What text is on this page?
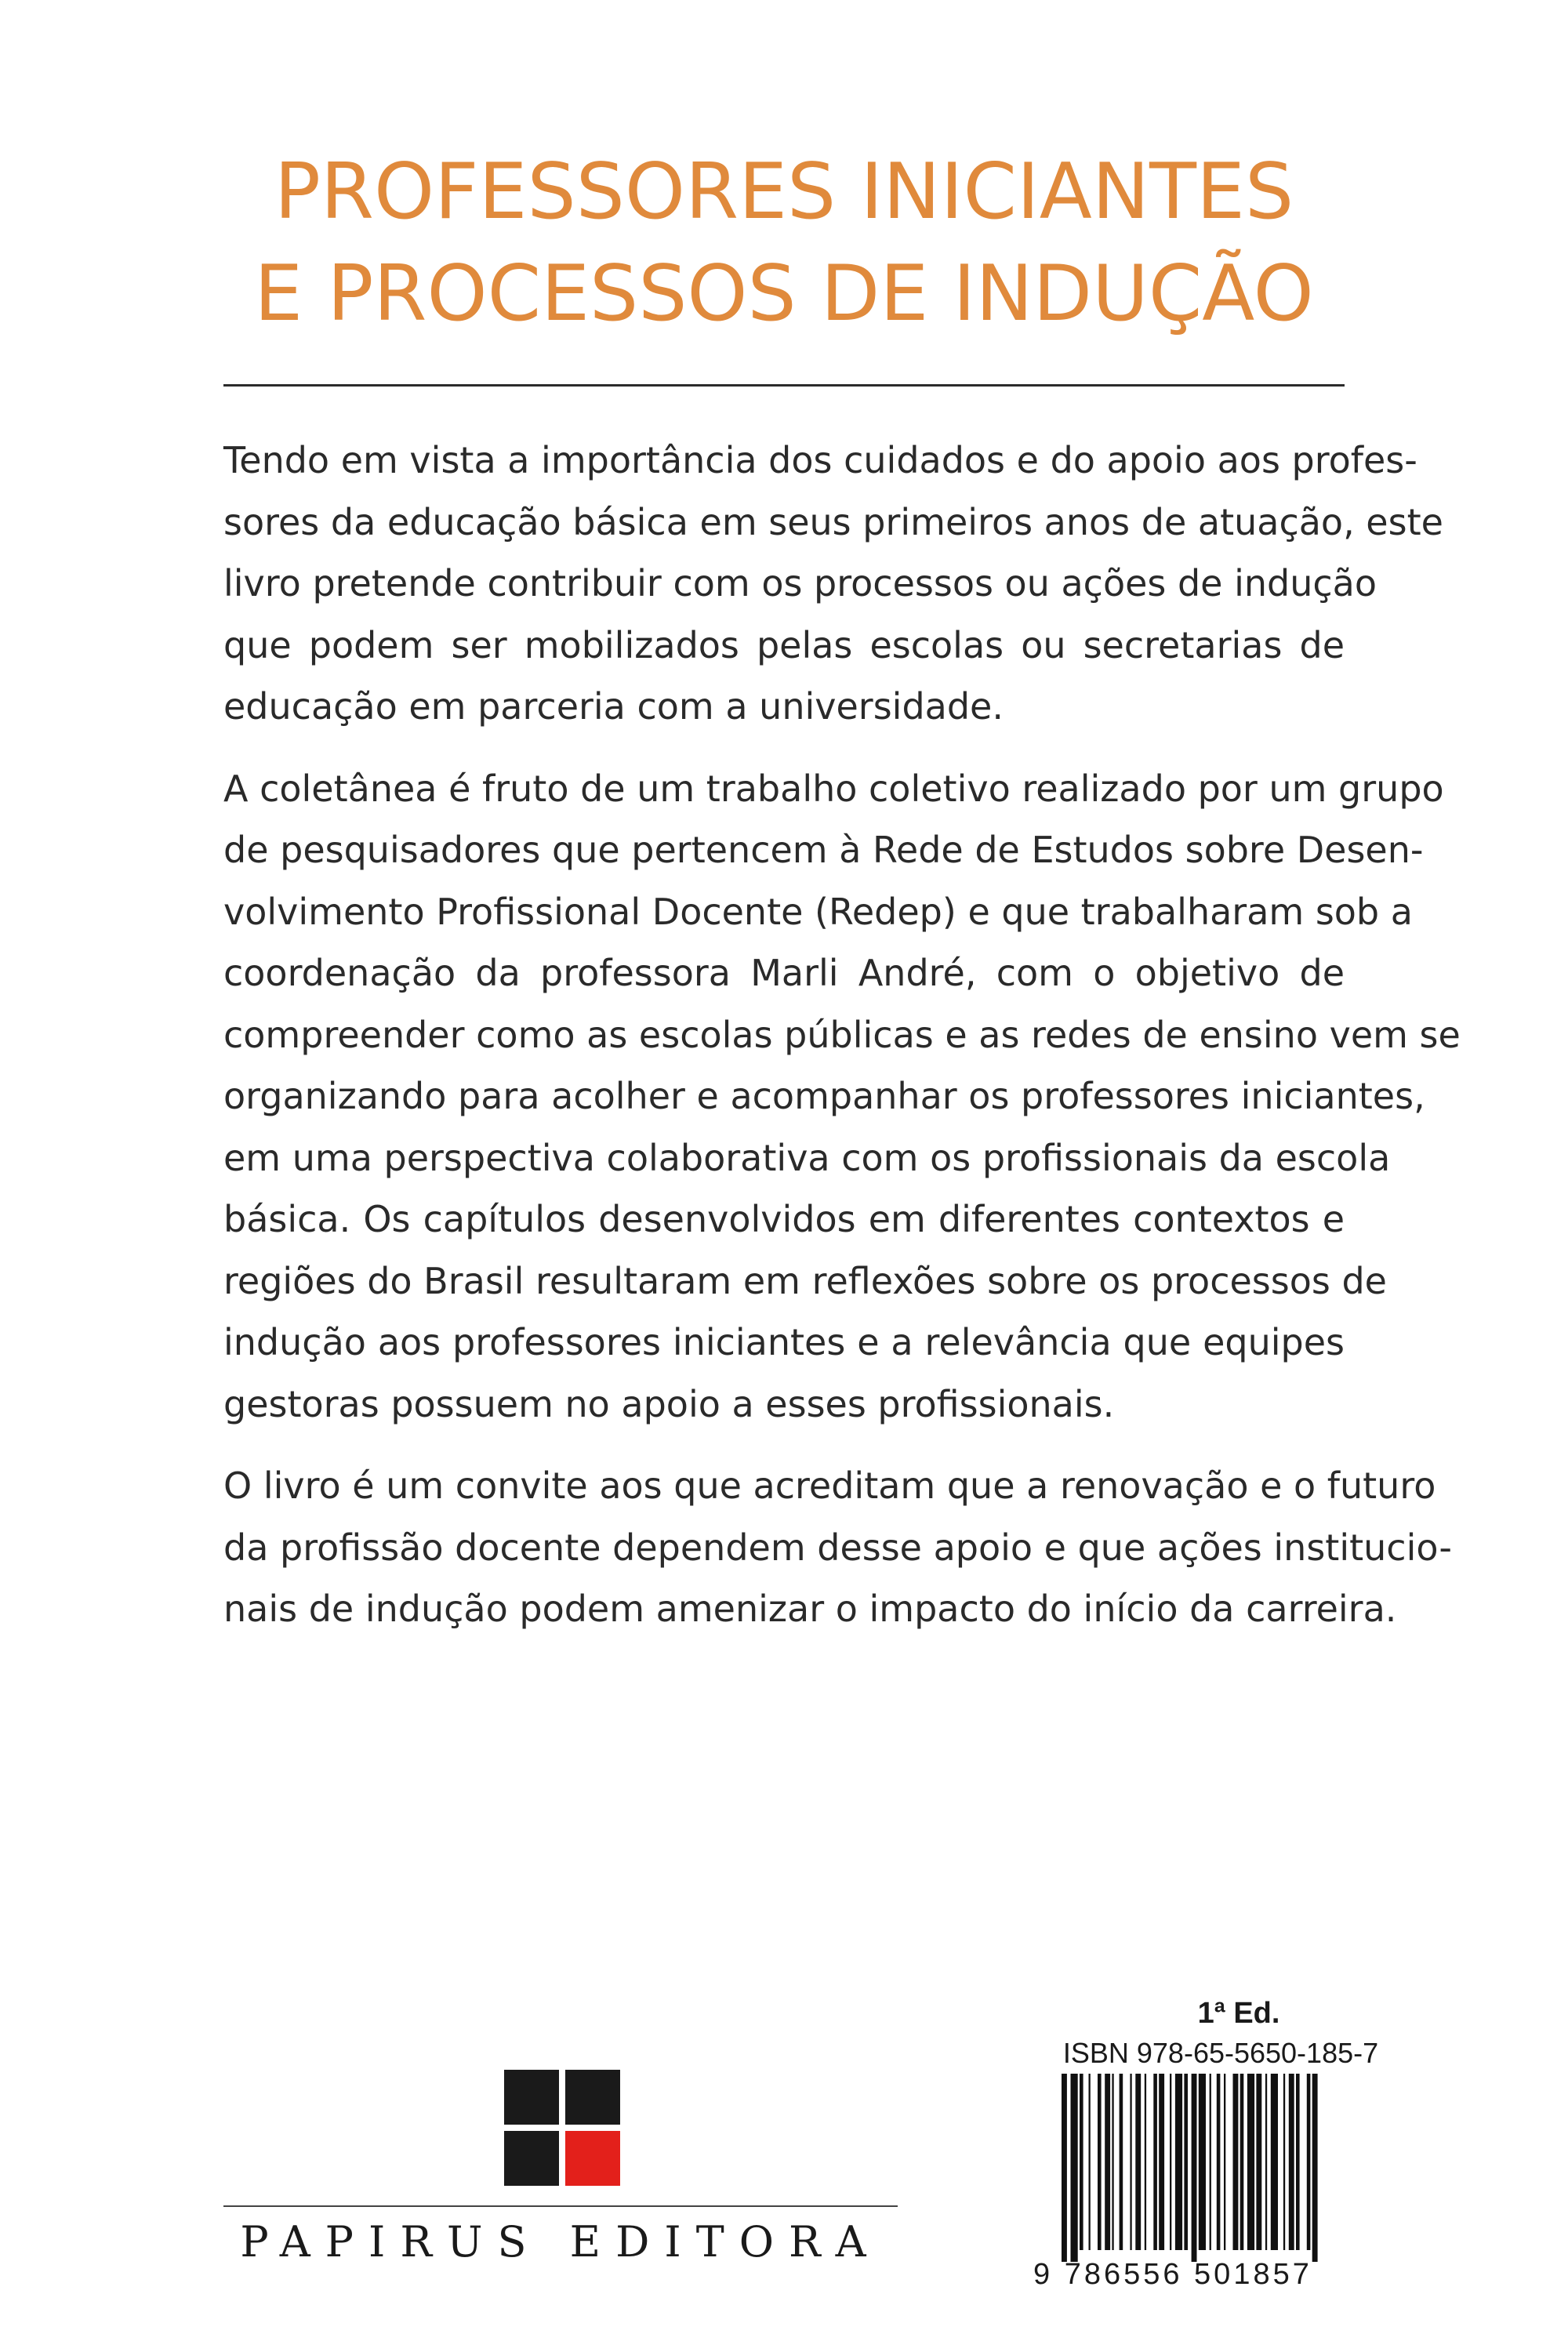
PROFESSORES INICIANTES
E PROCESSOS DE INDUÇÃO
Tendo em vista a importância dos cuidados e do apoio aos profes-
sores da educação básica em seus primeiros anos de atuação, este
livro pretende contribuir com os processos ou ações de indução
que podem ser mobilizados pelas escolas ou secretarias de
educação em parceria com a universidade.
A coletânea é fruto de um trabalho coletivo realizado por um grupo
de pesquisadores que pertencem à Rede de Estudos sobre Desen-
volvimento Profissional Docente (Redep) e que trabalharam sob a
coordenação da professora Marli André, com o objetivo de
compreender como as escolas públicas e as redes de ensino vem se
organizando para acolher e acompanhar os professores iniciantes,
em uma perspectiva colaborativa com os profissionais da escola
básica. Os capítulos desenvolvidos em diferentes contextos e
regiões do Brasil resultaram em reflexões sobre os processos de
indução aos professores iniciantes e a relevância que equipes
gestoras possuem no apoio a esses profissionais.
O livro é um convite aos que acreditam que a renovação e o futuro
da profissão docente dependem desse apoio e que ações institucio-
nais de indução podem amenizar o impacto do início da carreira.
PAPIRUS EDITORA
1ª Ed.
ISBN 978-65-5650-185-7
9 786556 501857
